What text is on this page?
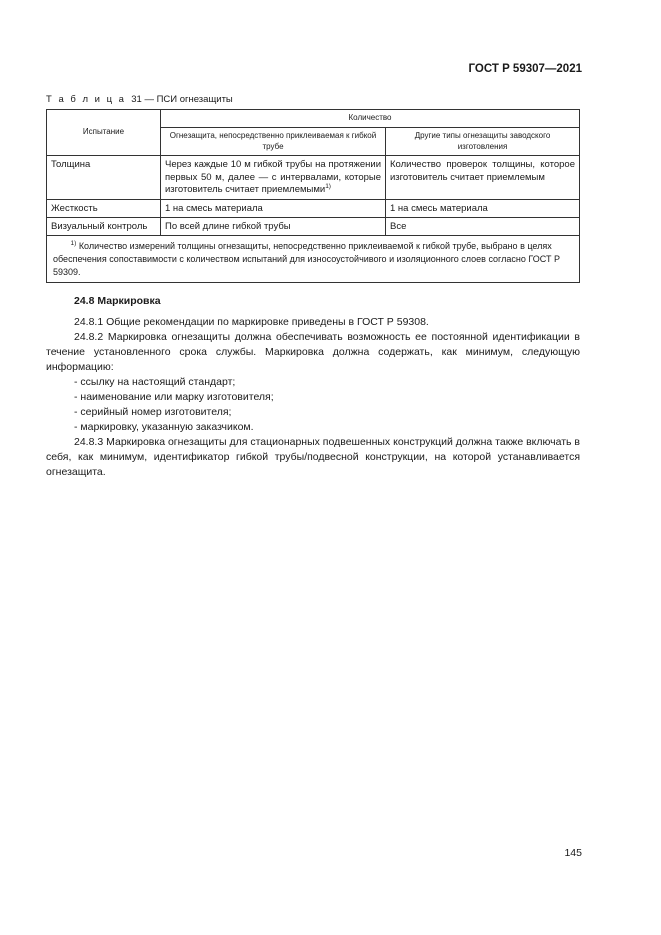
ГОСТ Р 59307—2021
Т а б л и ц а 31 — ПСИ огнезащиты
Испытание	Количество	
	Огнезащита, непосредственно приклеиваемая к гибкой трубе	Другие типы огнезащиты заводского изготовления
Толщина	Через каждые 10 м гибкой трубы на протяжении первых 50 м, далее — с интервалами, которые изготовитель считает приемлемыми$^{1)}$	Количество проверок толщины, которое изготовитель считает приемлемым
Жесткость	1 на смесь материала	1 на смесь материала
Визуальный контроль	По всей длине гибкой трубы	Все
$^{1)}$ Количество измерений толщины огнезащиты, непосредственно приклеиваемой к гибкой трубе, выбрано в целях обеспечения сопоставимости с количеством испытаний для износоустойчивого и изоляционного слоев согласно ГОСТ Р 59309.		
24.8 Маркировка

24.8.1 Общие рекомендации по маркировке приведены в ГОСТ Р 59308.

24.8.2 Маркировка огнезащиты должна обеспечивать возможность ее постоянной идентификации в течение установленного срока службы. Маркировка должна содержать, как минимум, следующую информацию:

- ссылку на настоящий стандарт;

- наименование или марку изготовителя;

- серийный номер изготовителя;

- маркировку, указанную заказчиком.

24.8.3 Маркировка огнезащиты для стационарных подвешенных конструкций должна также включать в себя, как минимум, идентификатор гибкой трубы/подвесной конструкции, на которой устанавливается огнезащита.

145
